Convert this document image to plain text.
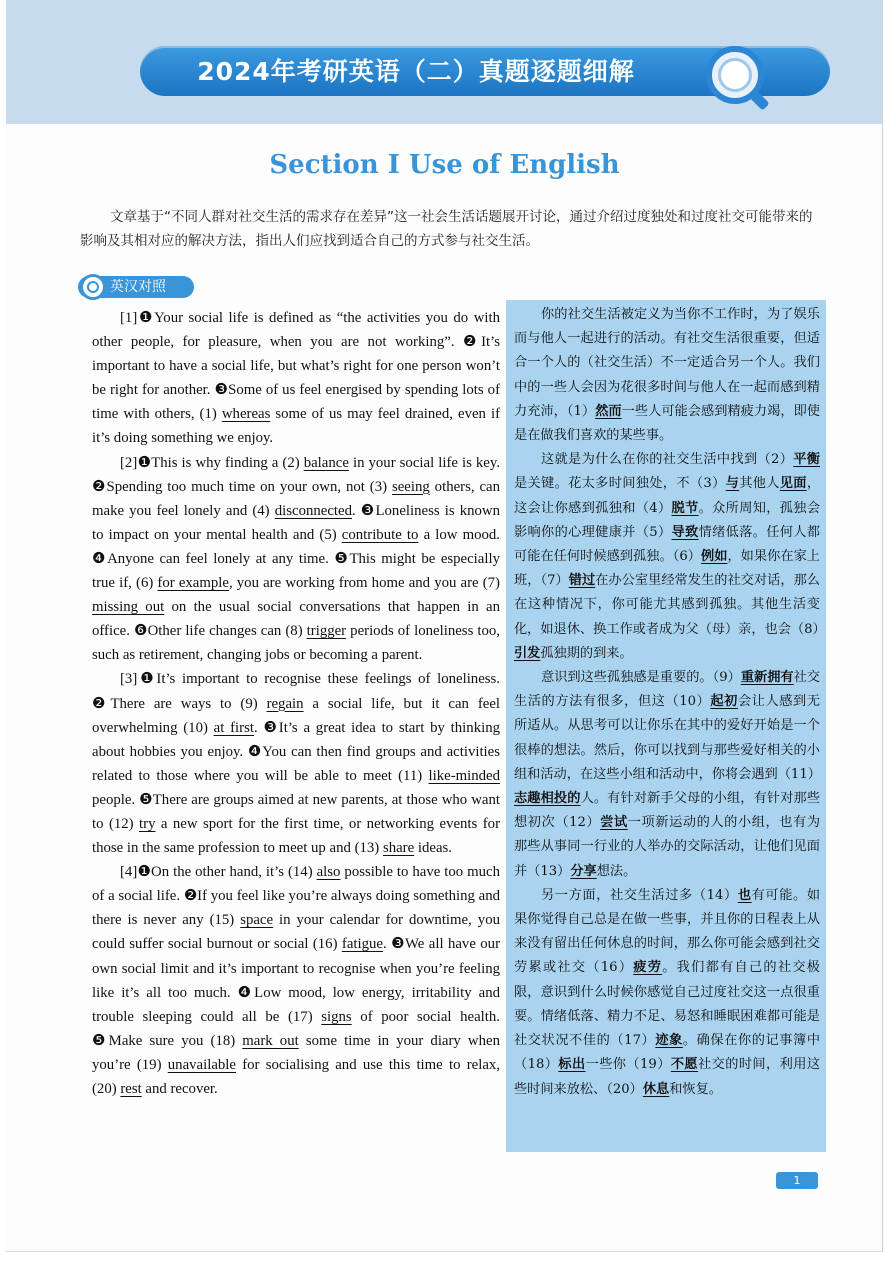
2024年考研英语（二）真题逐题细解
Section Ⅰ Use of English
文章基于“不同人群对社交生活的需求存在差异”这一社会生活话题展开讨论，通过介绍过度独处和过度社交可能带来的影响及其相对应的解决方法，指出人们应找到适合自己的方式参与社交生活。
英汉对照

[1]❶Your social life is defined as “the activities you do with other people, for pleasure, when you are not working”. ❷It’s important to have a social life, but what’s right for one person won’t be right for another. ❸Some of us feel energised by spending lots of time with others, (1) whereas some of us may feel drained, even if it’s doing something we enjoy.

[2]❶This is why finding a (2) balance in your social life is key. ❷Spending too much time on your own, not (3) seeing others, can make you feel lonely and (4) disconnected. ❸Loneliness is known to impact on your mental health and (5) contribute to a low mood. ❹Anyone can feel lonely at any time. ❺This might be especially true if, (6) for example, you are working from home and you are (7) missing out on the usual social conversations that happen in an office. ❻Other life changes can (8) trigger periods of loneliness too, such as retirement, changing jobs or becoming a parent.

[3]❶It’s important to recognise these feelings of loneliness. ❷There are ways to (9) regain a social life, but it can feel overwhelming (10) at first. ❸It’s a great idea to start by thinking about hobbies you enjoy. ❹You can then find groups and activities related to those where you will be able to meet (11) like-minded people. ❺There are groups aimed at new parents, at those who want to (12) try a new sport for the first time, or networking events for those in the same profession to meet up and (13) share ideas.

[4]❶On the other hand, it’s (14) also possible to have too much of a social life. ❷If you feel like you’re always doing something and there is never any (15) space in your calendar for downtime, you could suffer social burnout or social (16) fatigue. ❸We all have our own social limit and it’s important to recognise when you’re feeling like it’s all too much. ❹Low mood, low energy, irritability and trouble sleeping could all be (17) signs of poor social health. ❺Make sure you (18) mark out some time in your diary when you’re (19) unavailable for socialising and use this time to relax, (20) rest and recover.

你的社交生活被定义为当你不工作时，为了娱乐而与他人一起进行的活动。有社交生活很重要，但适合一个人的（社交生活）不一定适合另一个人。我们中的一些人会因为花很多时间与他人在一起而感到精力充沛，（1）然而一些人可能会感到精疲力竭，即使是在做我们喜欢的某些事。

这就是为什么在你的社交生活中找到（2）平衡是关键。花太多时间独处，不（3）与其他人见面，这会让你感到孤独和（4）脱节。众所周知，孤独会影响你的心理健康并（5）导致情绪低落。任何人都可能在任何时候感到孤独。（6）例如，如果你在家上班，（7）错过在办公室里经常发生的社交对话，那么在这种情况下，你可能尤其感到孤独。其他生活变化，如退休、换工作或者成为父（母）亲，也会（8）引发孤独期的到来。

意识到这些孤独感是重要的。（9）重新拥有社交生活的方法有很多，但这（10）起初会让人感到无所适从。从思考可以让你乐在其中的爱好开始是一个很棒的想法。然后，你可以找到与那些爱好相关的小组和活动，在这些小组和活动中，你将会遇到（11）志趣相投的人。有针对新手父母的小组，有针对那些想初次（12）尝试一项新运动的人的小组，也有为那些从事同一行业的人举办的交际活动，让他们见面并（13）分享想法。

另一方面，社交生活过多（14）也有可能。如果你觉得自己总是在做一些事，并且你的日程表上从来没有留出任何休息的时间，那么你可能会感到社交劳累或社交（16）疲劳。我们都有自己的社交极限，意识到什么时候你感觉自己过度社交这一点很重要。情绪低落、精力不足、易怒和睡眠困难都可能是社交状况不佳的（17）迹象。确保在你的记事簿中（18）标出一些你（19）不愿社交的时间，利用这些时间来放松、（20）休息和恢复。

1
